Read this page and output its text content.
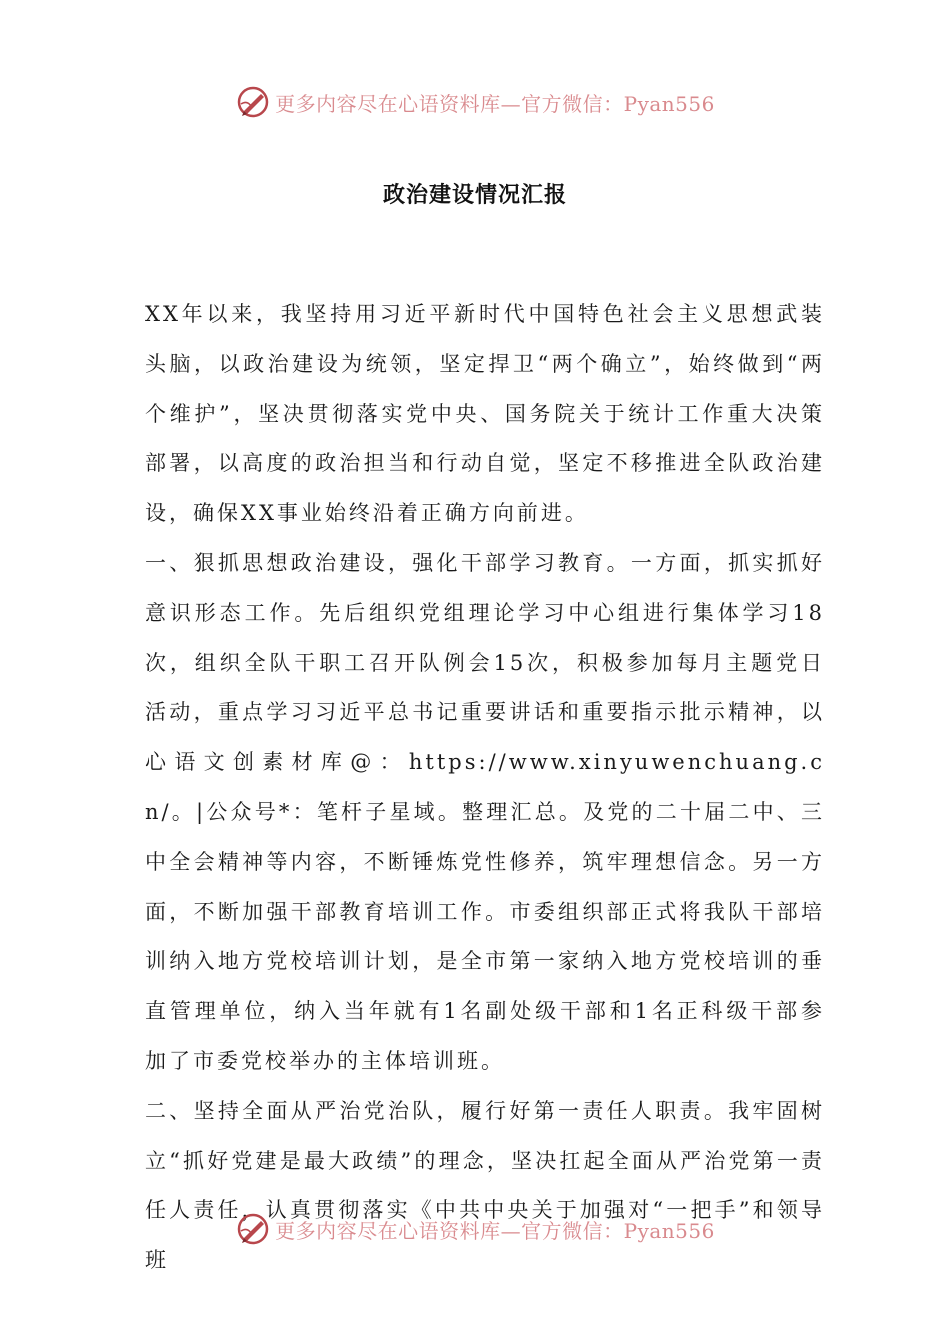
更多内容尽在心语资料库—官方微信：Pyan556
政治建设情况汇报

XX年以来，我坚持用习近平新时代中国特色社会主义思想武装头脑，以政治建设为统领，坚定捍卫“两个确立”，始终做到“两个维护”，坚决贯彻落实党中央、国务院关于统计工作重大决策部署，以高度的政治担当和行动自觉，坚定不移推进全队政治建设，确保XX事业始终沿着正确方向前进。

一、狠抓思想政治建设，强化干部学习教育。一方面，抓实抓好意识形态工作。先后组织党组理论学习中心组进行集体学习18次，组织全队干职工召开队例会15次，积极参加每月主题党日活动，重点学习习近平总书记重要讲话和重要指示批示精神，以心语文创素材库@：https://www.xinyuwenchuang.cn/。|公众号*：笔杆子星域。整理汇总。及党的二十届二中、三中全会精神等内容，不断锤炼党性修养，筑牢理想信念。另一方面，不断加强干部教育培训工作。市委组织部正式将我队干部培训纳入地方党校培训计划，是全市第一家纳入地方党校培训的垂直管理单位，纳入当年就有1名副处级干部和1名正科级干部参加了市委党校举办的主体培训班。

二、坚持全面从严治党治队，履行好第一责任人职责。我牢固树立“抓好党建是最大政绩”的理念，坚决扛起全面从严治党第一责任人责任，认真贯彻落实《中共中央关于加强对“一把手”和领导班

更多内容尽在心语资料库—官方微信：Pyan556
